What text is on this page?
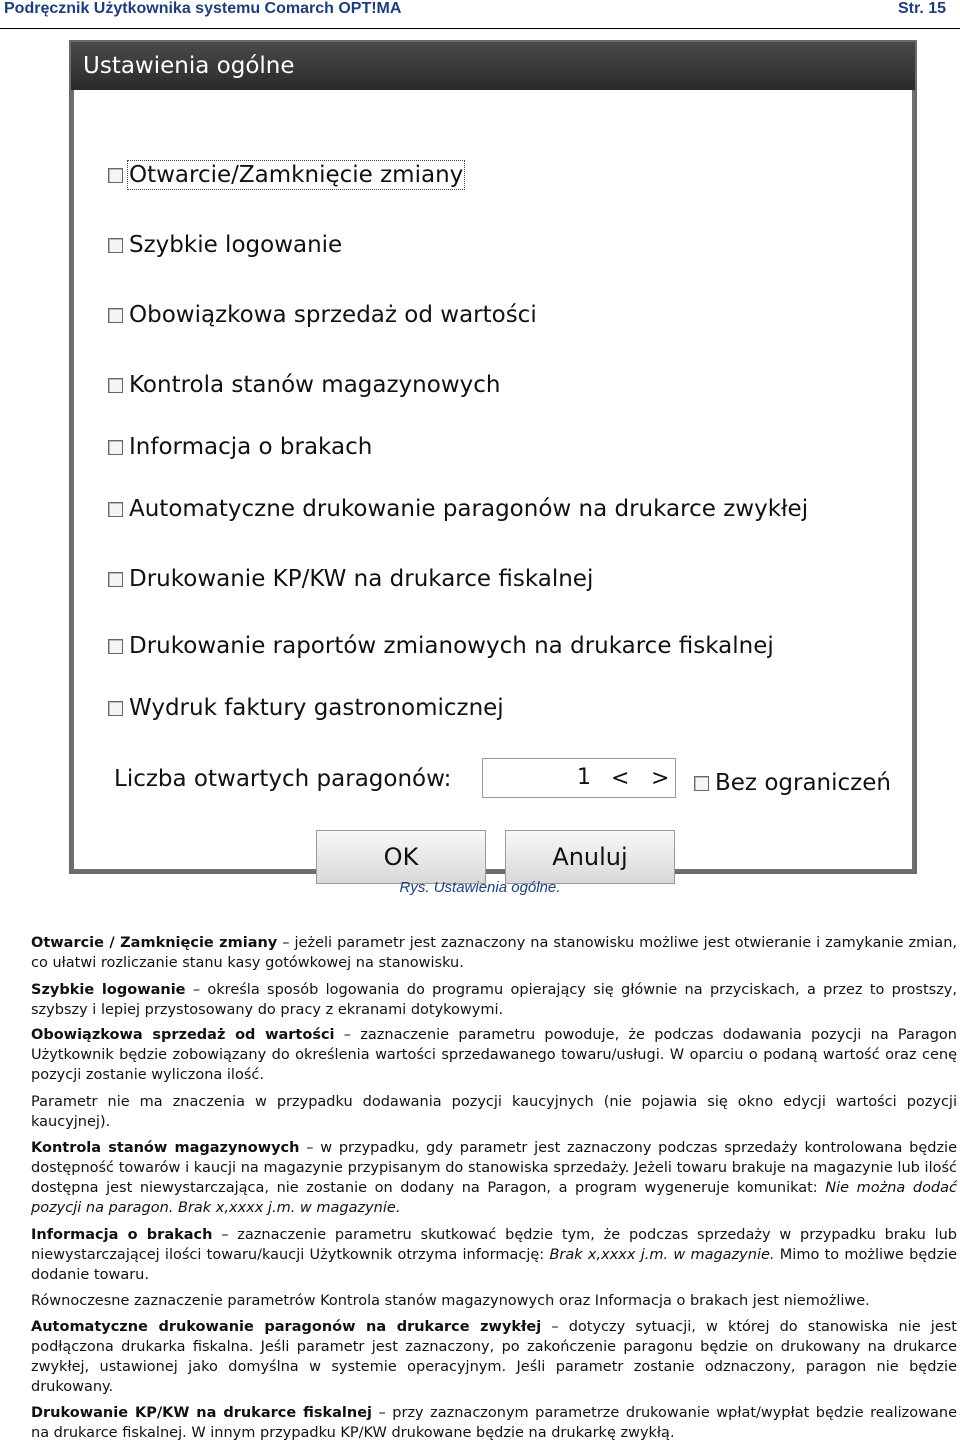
Podręcznik Użytkownika systemu Comarch OPT!MA	Str. 15
Ustawienia ogólne
Otwarcie/Zamknięcie zmiany
Szybkie logowanie
Obowiązkowa sprzedaż od wartości
Kontrola stanów magazynowych
Informacja o brakach
Automatyczne drukowanie paragonów na drukarce zwykłej
Drukowanie KP/KW na drukarce fiskalnej
Drukowanie raportów zmianowych na drukarce fiskalnej
Wydruk faktury gastronomicznej
Liczba otwartych paragonów:	1 < > Bez ograniczeń
OK	Anuluj
Rys. Ustawienia ogólne.
Otwarcie / Zamknięcie zmiany – jeżeli parametr jest zaznaczony na stanowisku możliwe jest otwieranie i zamykanie zmian, co ułatwi rozliczanie stanu kasy gotówkowej na stanowisku.
Szybkie logowanie – określa sposób logowania do programu opierający się głównie na przyciskach, a przez to prostszy, szybszy i lepiej przystosowany do pracy z ekranami dotykowymi.
Obowiązkowa sprzedaż od wartości – zaznaczenie parametru powoduje, że podczas dodawania pozycji na Paragon Użytkownik będzie zobowiązany do określenia wartości sprzedawanego towaru/usługi. W oparciu o podaną wartość oraz cenę pozycji zostanie wyliczona ilość.
Parametr nie ma znaczenia w przypadku dodawania pozycji kaucyjnych (nie pojawia się okno edycji wartości pozycji kaucyjnej).
Kontrola stanów magazynowych – w przypadku, gdy parametr jest zaznaczony podczas sprzedaży kontrolowana będzie dostępność towarów i kaucji na magazynie przypisanym do stanowiska sprzedaży. Jeżeli towaru brakuje na magazynie lub ilość dostępna jest niewystarczająca, nie zostanie on dodany na Paragon, a program wygeneruje komunikat: Nie można dodać pozycji na paragon. Brak x,xxxx j.m. w magazynie.
Informacja o brakach – zaznaczenie parametru skutkować będzie tym, że podczas sprzedaży w przypadku braku lub niewystarczającej ilości towaru/kaucji Użytkownik otrzyma informację: Brak x,xxxx j.m. w magazynie. Mimo to możliwe będzie dodanie towaru.
Równoczesne zaznaczenie parametrów Kontrola stanów magazynowych oraz Informacja o brakach jest niemożliwe.
Automatyczne drukowanie paragonów na drukarce zwykłej – dotyczy sytuacji, w której do stanowiska nie jest podłączona drukarka fiskalna. Jeśli parametr jest zaznaczony, po zakończenie paragonu będzie on drukowany na drukarce zwykłej, ustawionej jako domyślna w systemie operacyjnym. Jeśli parametr zostanie odznaczony, paragon nie będzie drukowany.
Drukowanie KP/KW na drukarce fiskalnej – przy zaznaczonym parametrze drukowanie wpłat/wypłat będzie realizowane na drukarce fiskalnej. W innym przypadku KP/KW drukowane będzie na drukarkę zwykłą.
